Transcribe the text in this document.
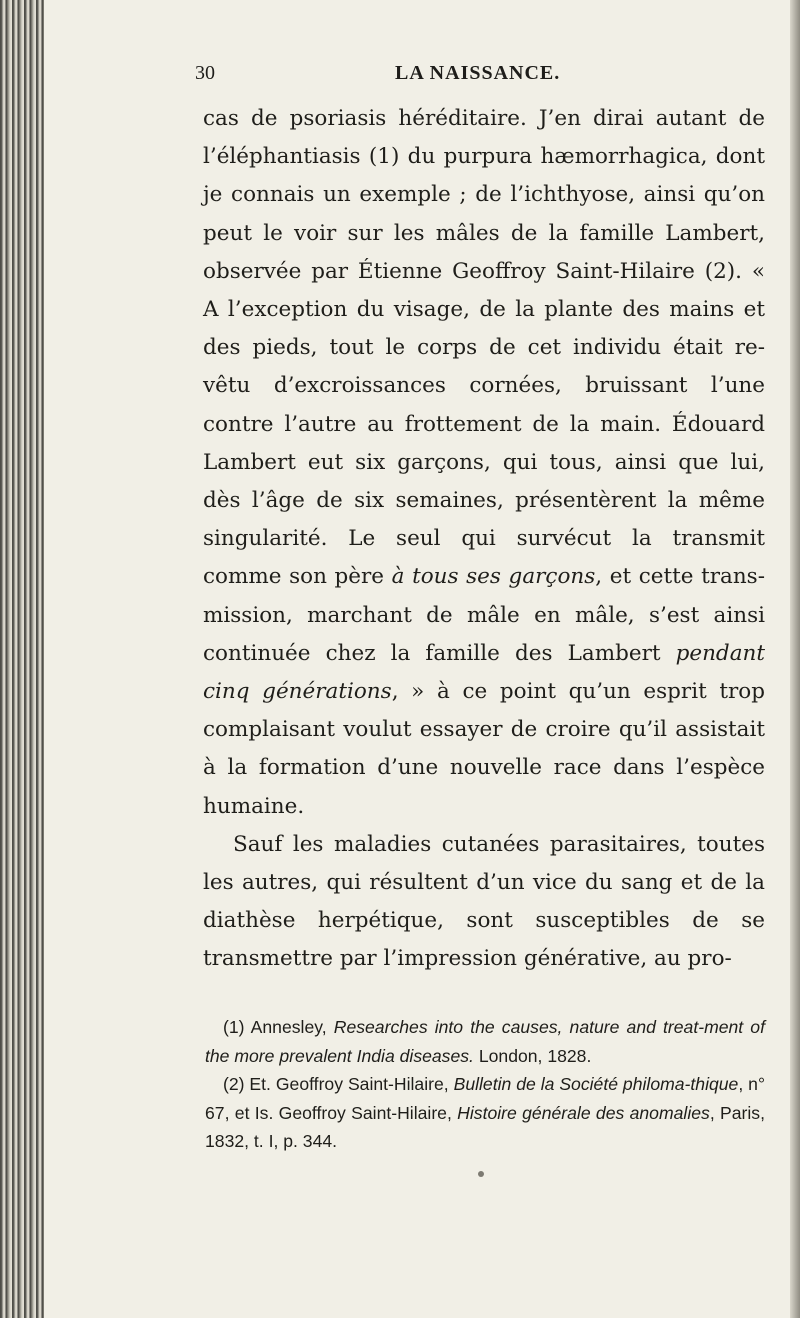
30	LA NAISSANCE.

cas de psoriasis héréditaire. J’en dirai autant de l’éléphantiasis (1) du purpura hæmorrhagica, dont je connais un exemple ; de l’ichthyose, ainsi qu’on peut le voir sur les mâles de la famille Lambert, observée par Étienne Geoffroy Saint-Hilaire (2). « A l’exception du visage, de la plante des mains et des pieds, tout le corps de cet individu était re-vêtu d’excroissances cornées, bruissant l’une contre l’autre au frottement de la main. Édouard Lambert eut six garçons, qui tous, ainsi que lui, dès l’âge de six semaines, présentèrent la même singularité. Le seul qui survécut la transmit comme son père à tous ses garçons, et cette trans-mission, marchant de mâle en mâle, s’est ainsi continuée chez la famille des Lambert pendant cinq générations, » à ce point qu’un esprit trop complaisant voulut essayer de croire qu’il assistait à la formation d’une nouvelle race dans l’espèce humaine.

Sauf les maladies cutanées parasitaires, toutes les autres, qui résultent d’un vice du sang et de la diathèse herpétique, sont susceptibles de se transmettre par l’impression générative, au pro-

(1) Annesley, Researches into the causes, nature and treat-ment of the more prevalent India diseases. London, 1828.

(2) Et. Geoffroy Saint-Hilaire, Bulletin de la Société philoma-thique, n° 67, et Is. Geoffroy Saint-Hilaire, Histoire générale des anomalies, Paris, 1832, t. I, p. 344.
